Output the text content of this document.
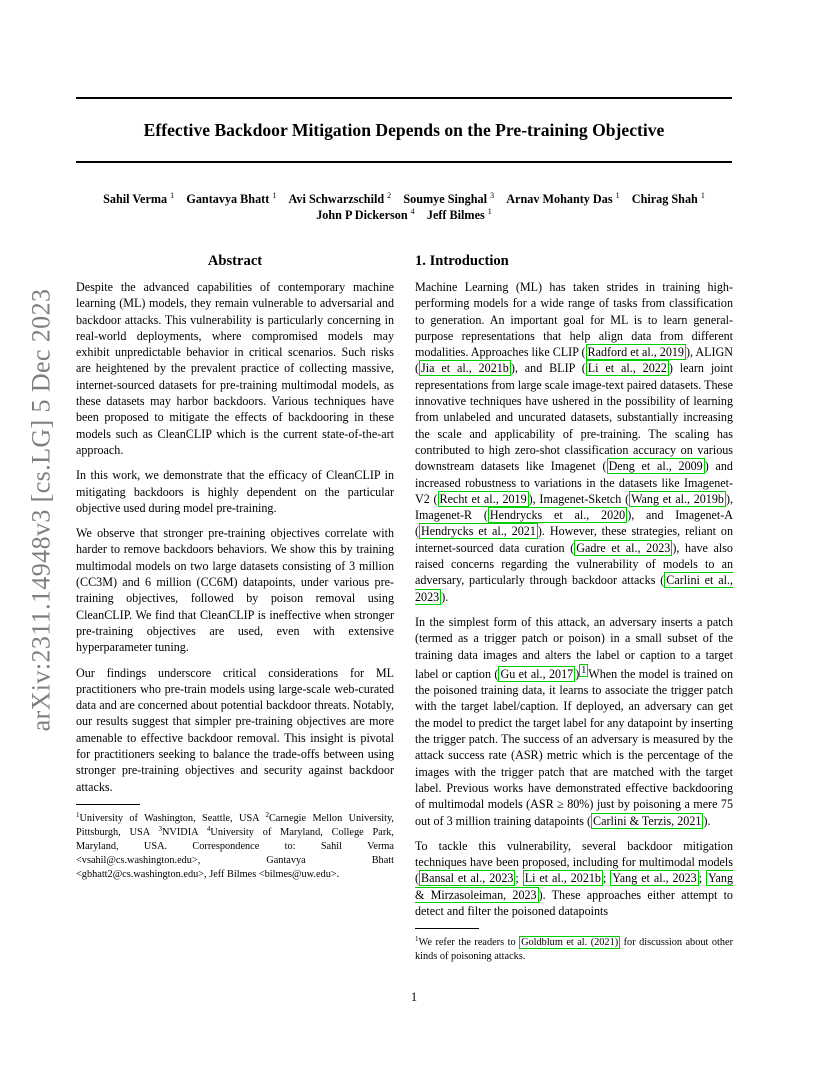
arXiv:2311.14948v3 [cs.LG] 5 Dec 2023
Effective Backdoor Mitigation Depends on the Pre-training Objective
Sahil Verma $^1$  Gantavya Bhatt $^1$  Avi Schwarzschild $^2$  Soumye Singhal $^3$  Arnav Mohanty Das $^1$  Chirag Shah $^1$
John P Dickerson $^4$  Jeff Bilmes $^1$
Abstract

Despite the advanced capabilities of contemporary machine learning (ML) models, they remain vulnerable to adversarial and backdoor attacks. This vulnerability is particularly concerning in real-world deployments, where compromised models may exhibit unpredictable behavior in critical scenarios. Such risks are heightened by the prevalent practice of collecting massive, internet-sourced datasets for pre-training multimodal models, as these datasets may harbor backdoors. Various techniques have been proposed to mitigate the effects of backdooring in these models such as CleanCLIP which is the current state-of-the-art approach.

In this work, we demonstrate that the efficacy of CleanCLIP in mitigating backdoors is highly dependent on the particular objective used during model pre-training.

We observe that stronger pre-training objectives correlate with harder to remove backdoors behaviors. We show this by training multimodal models on two large datasets consisting of 3 million (CC3M) and 6 million (CC6M) datapoints, under various pre-training objectives, followed by poison removal using CleanCLIP. We find that CleanCLIP is ineffective when stronger pre-training objectives are used, even with extensive hyperparameter tuning.

Our findings underscore critical considerations for ML practitioners who pre-train models using large-scale web-curated data and are concerned about potential backdoor threats. Notably, our results suggest that simpler pre-training objectives are more amenable to effective backdoor removal. This insight is pivotal for practitioners seeking to balance the trade-offs between using stronger pre-training objectives and security against backdoor attacks.

$^1$University of Washington, Seattle, USA $^2$Carnegie Mellon University, Pittsburgh, USA $^3$NVIDIA $^4$University of Maryland, College Park, Maryland, USA. Correspondence to: Sahil Verma <vsahil@cs.washington.edu>, Gantavya Bhatt <gbhatt2@cs.washington.edu>, Jeff Bilmes <bilmes@uw.edu>.

1. Introduction

Machine Learning (ML) has taken strides in training high-performing models for a wide range of tasks from classification to generation. An important goal for ML is to learn general-purpose representations that help align data from different modalities. Approaches like CLIP ( Radford et al., 2019 ), ALIGN ( Jia et al., 2021b ), and BLIP ( Li et al., 2022 ) learn joint representations from large scale image-text paired datasets. These innovative techniques have ushered in the possibility of learning from unlabeled and uncurated datasets, substantially increasing the scale and applicability of pre-training. The scaling has contributed to high zero-shot classification accuracy on various downstream datasets like Imagenet ( Deng et al., 2009 ) and increased robustness to variations in the datasets like Imagenet-V2 ( Recht et al., 2019 ), Imagenet-Sketch ( Wang et al., 2019b ), Imagenet-R ( Hendrycks et al., 2020 ), and Imagenet-A ( Hendrycks et al., 2021 ). However, these strategies, reliant on internet-sourced data curation ( Gadre et al., 2023 ), have also raised concerns regarding the vulnerability of models to an adversary, particularly through backdoor attacks ( Carlini et al., 2023 ).

In the simplest form of this attack, an adversary inserts a patch (termed as a trigger patch or poison) in a small subset of the training data images and alters the label or caption to a target label or caption ( Gu et al., 2017 ) $^1$ When the model is trained on the poisoned training data, it learns to associate the trigger patch with the target label/caption. If deployed, an adversary can get the model to predict the target label for any datapoint by inserting the trigger patch. The success of an adversary is measured by the attack success rate (ASR) metric which is the percentage of the images with the trigger patch that are matched with the target label. Previous works have demonstrated effective backdooring of multimodal models (ASR ≥ 80%) just by poisoning a mere 75 out of 3 million training datapoints ( Carlini & Terzis, 2021 ).

To tackle this vulnerability, several backdoor mitigation techniques have been proposed, including for multimodal models ( Bansal et al., 2023 ; Li et al., 2021b ; Yang et al., 2023 ; Yang & Mirzasoleiman, 2023 ). These approaches either attempt to detect and filter the poisoned datapoints

$^1$We refer the readers to Goldblum et al. (2021) for discussion about other kinds of poisoning attacks.

1
